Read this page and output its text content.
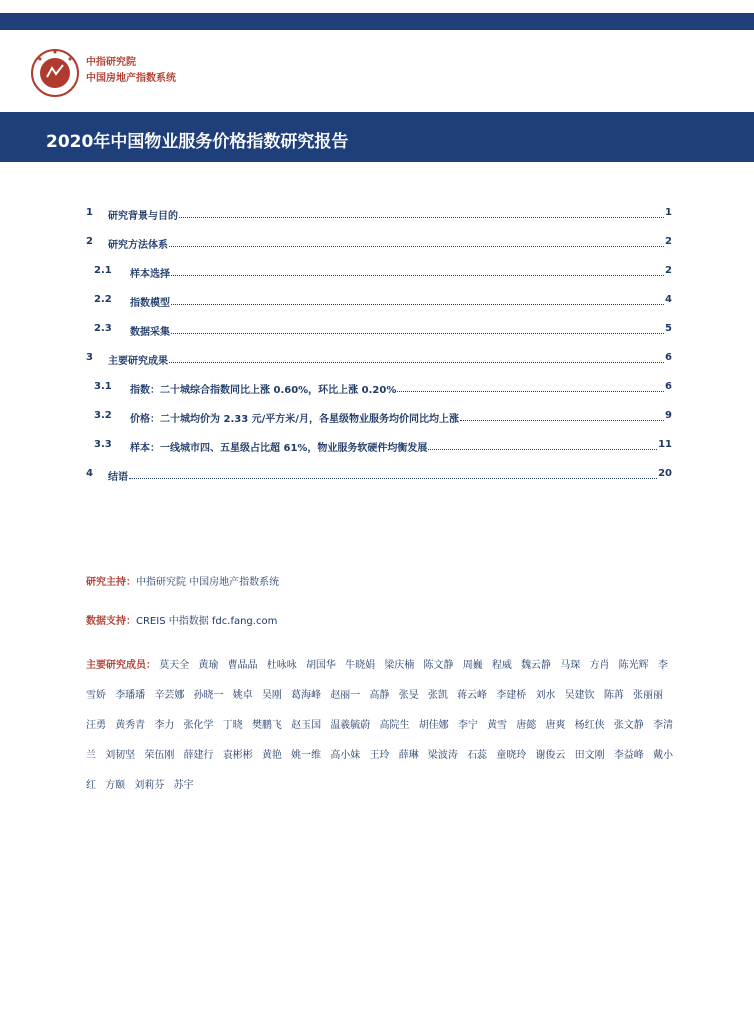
中指研究院
中国房地产指数系统
2020年中国物业服务价格指数研究报告
1	研究背景与目的	1
2	研究方法体系	2
2.1	样本选择	2
2.2	指数模型	4
2.3	数据采集	5
3	主要研究成果	6
3.1	指数：二十城综合指数同比上涨 0.60%，环比上涨 0.20%	6
3.2	价格：二十城均价为 2.33 元/平方米/月，各星级物业服务均价同比均上涨	9
3.3	样本：一线城市四、五星级占比超 61%，物业服务软硬件均衡发展	11
4	结语	20
研究主持：中指研究院 中国房地产指数系统
数据支持：CREIS 中指数据 fdc.fang.com
主要研究成员： 莫天全 黄瑜 曹晶晶 杜咏咏 胡国华 牛晓娟 梁庆楠 陈文静 周巍 程威 魏云静 马琛 方肖 陈光辉 李雪娇 李璠璠 辛芸娜 孙晓一 姚卓 吴刚 葛海峰 赵丽一 高静 张旻 张凯 蒋云峰 李建桥 刘水 吴建钦 陈苒 张丽丽 汪勇 黄秀青 李力 张化学 丁晓 樊鹏飞 赵玉国 温羲毓蔚 高院生 胡佳娜 李宁 黄雪 唐懿 唐爽 杨红侠 张文静 李清兰 刘韧坚 荣伍刚 薛建行 袁彬彬 黄艳 姚一维 高小妹 王玲 薛琳 梁波涛 石蕊 童晓玲 谢俊云 田文刚 李益峰 戴小红 方颐 刘莉芬 苏宇
